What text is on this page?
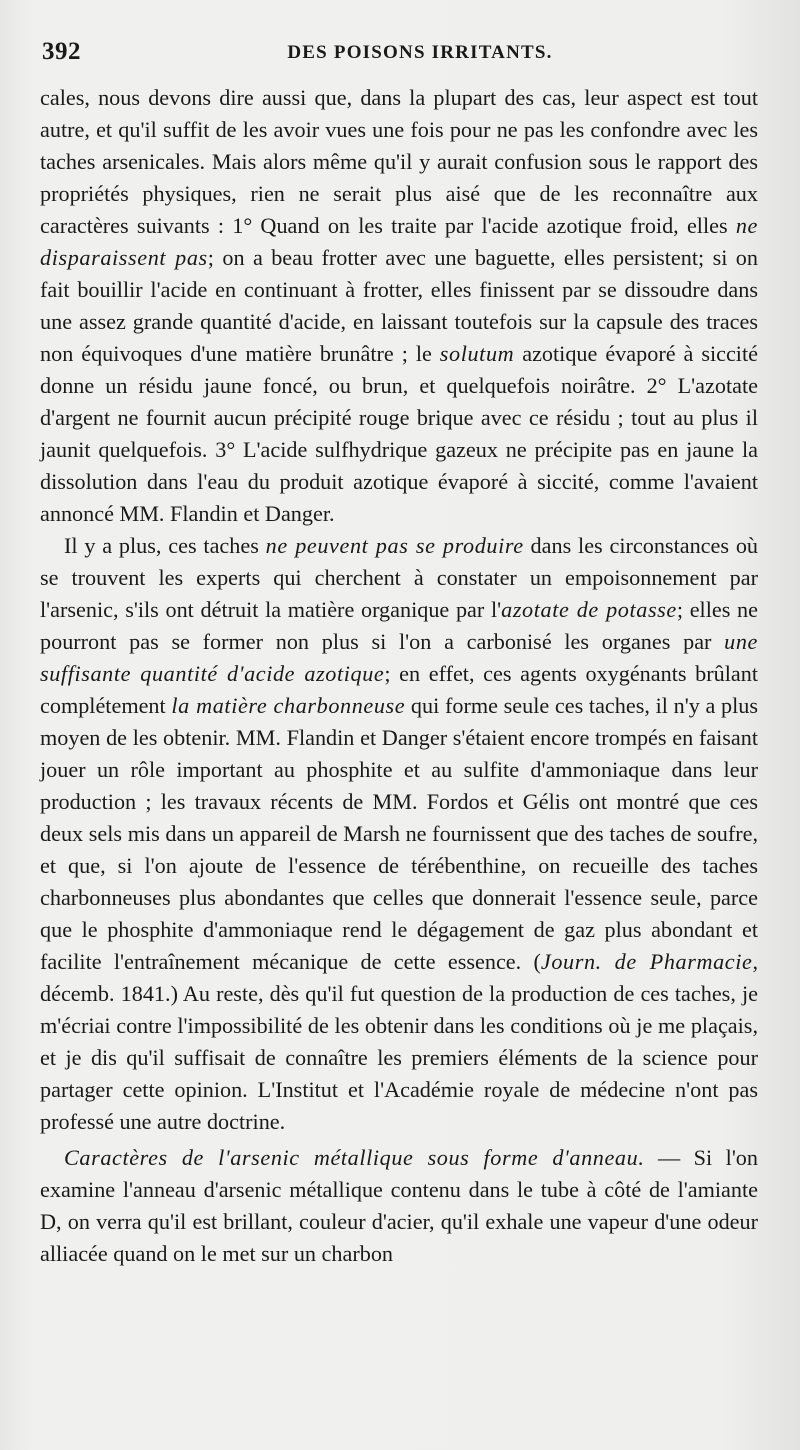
392	DES POISONS IRRITANTS.

cales, nous devons dire aussi que, dans la plupart des cas, leur aspect est tout autre, et qu'il suffit de les avoir vues une fois pour ne pas les confondre avec les taches arsenicales. Mais alors même qu'il y aurait confusion sous le rapport des propriétés physiques, rien ne serait plus aisé que de les reconnaître aux caractères suivants : 1° Quand on les traite par l'acide azotique froid, elles ne disparaissent pas; on a beau frotter avec une baguette, elles persistent; si on fait bouillir l'acide en continuant à frotter, elles finissent par se dissoudre dans une assez grande quantité d'acide, en laissant toutefois sur la capsule des traces non équivoques d'une matière brunâtre ; le solutum azotique évaporé à siccité donne un résidu jaune foncé, ou brun, et quelquefois noirâtre. 2° L'azotate d'argent ne fournit aucun précipité rouge brique avec ce résidu ; tout au plus il jaunit quelquefois. 3° L'acide sulfhydrique gazeux ne précipite pas en jaune la dissolution dans l'eau du produit azotique évaporé à siccité, comme l'avaient annoncé MM. Flandin et Danger.

Il y a plus, ces taches ne peuvent pas se produire dans les circonstances où se trouvent les experts qui cherchent à constater un empoisonnement par l'arsenic, s'ils ont détruit la matière organique par l'azotate de potasse; elles ne pourront pas se former non plus si l'on a carbonisé les organes par une suffisante quantité d'acide azotique; en effet, ces agents oxygénants brûlant complétement la matière charbonneuse qui forme seule ces taches, il n'y a plus moyen de les obtenir. MM. Flandin et Danger s'étaient encore trompés en faisant jouer un rôle important au phosphite et au sulfite d'ammoniaque dans leur production ; les travaux récents de MM. Fordos et Gélis ont montré que ces deux sels mis dans un appareil de Marsh ne fournissent que des taches de soufre, et que, si l'on ajoute de l'essence de térébenthine, on recueille des taches charbonneuses plus abondantes que celles que donnerait l'essence seule, parce que le phosphite d'ammoniaque rend le dégagement de gaz plus abondant et facilite l'entraînement mécanique de cette essence. (Journ. de Pharmacie, décemb. 1841.) Au reste, dès qu'il fut question de la production de ces taches, je m'écriai contre l'impossibilité de les obtenir dans les conditions où je me plaçais, et je dis qu'il suffisait de connaître les premiers éléments de la science pour partager cette opinion. L'Institut et l'Académie royale de médecine n'ont pas professé une autre doctrine.

Caractères de l'arsenic métallique sous forme d'anneau. — Si l'on examine l'anneau d'arsenic métallique contenu dans le tube à côté de l'amiante D, on verra qu'il est brillant, couleur d'acier, qu'il exhale une vapeur d'une odeur alliacée quand on le met sur un charbon
